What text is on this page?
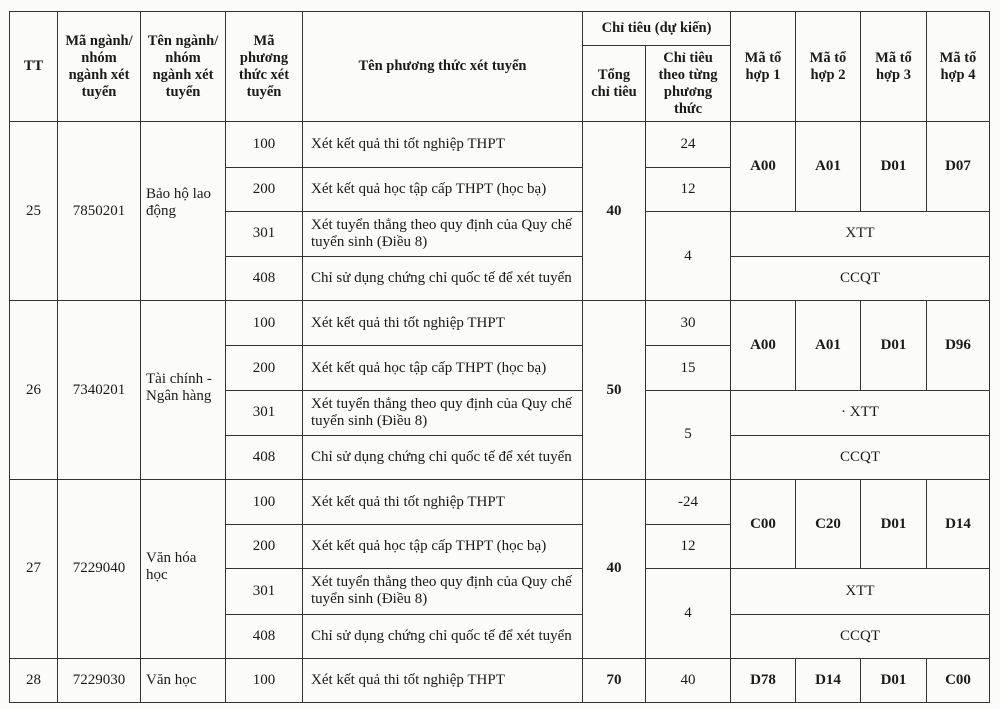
TT	Mã ngành/ nhóm ngành xét tuyển	Tên ngành/ nhóm ngành xét tuyển	Mã phương thức xét tuyển	Tên phương thức xét tuyển	Chỉ tiêu (dự kiến)		Mã tổ hợp 1	Mã tổ hợp 2	Mã tổ hợp 3	Mã tổ hợp 4
					Tổng chỉ tiêu	Chỉ tiêu theo từng phương thức				
25	7850201	Bảo hộ lao động	100	Xét kết quả thi tốt nghiệp THPT	40	24	A00	A01	D01	D07
			200	Xét kết quả học tập cấp THPT (học bạ)		12				
			301	Xét tuyển thẳng theo quy định của Quy chế tuyển sinh (Điều 8)		4	XTT			
			408	Chỉ sử dụng chứng chỉ quốc tế để xét tuyển			CCQT			
26	7340201	Tài chính -Ngân hàng	100	Xét kết quả thi tốt nghiệp THPT	50	30	A00	A01	D01	D96
			200	Xét kết quả học tập cấp THPT (học bạ)		15				
			301	Xét tuyển thẳng theo quy định của Quy chế tuyển sinh (Điều 8)		5	· XTT			
			408	Chỉ sử dụng chứng chỉ quốc tế để xét tuyển			CCQT			
27	7229040	Văn hóa học	100	Xét kết quả thi tốt nghiệp THPT	40	-24	C00	C20	D01	D14
			200	Xét kết quả học tập cấp THPT (học bạ)		12				
			301	Xét tuyển thẳng theo quy định của Quy chế tuyển sinh (Điều 8)		4	XTT			
			408	Chỉ sử dụng chứng chỉ quốc tế để xét tuyển			CCQT			
28	7229030	Văn học	100	Xét kết quả thi tốt nghiệp THPT	70	40	D78	D14	D01	C00
